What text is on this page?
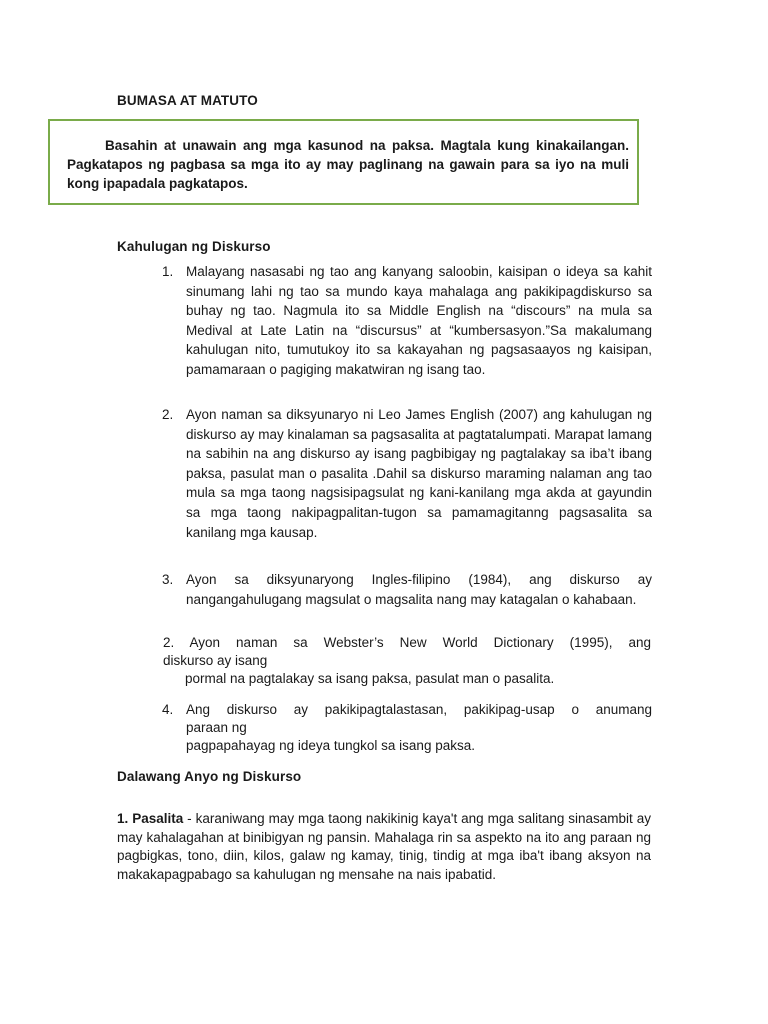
BUMASA AT MATUTO
Basahin at unawain ang mga kasunod na paksa. Magtala kung kinakailangan. Pagkatapos ng pagbasa sa mga ito ay may paglinang na gawain para sa iyo na muli kong ipapadala pagkatapos.
Kahulugan ng Diskurso
1. Malayang nasasabi ng tao ang kanyang saloobin, kaisipan o ideya sa kahit sinumang lahi ng tao sa mundo kaya mahalaga ang pakikipagdiskurso sa buhay ng tao. Nagmula ito sa Middle English na “discours” na mula sa Medival at Late Latin na “discursus” at “kumbersasyon.”Sa makalumang kahulugan nito, tumutukoy ito sa kakayahan ng pagsasaayos ng kaisipan, pamamaraan o pagiging makatwiran ng isang tao.
2. Ayon naman sa diksyunaryo ni Leo James English (2007) ang kahulugan ng diskurso ay may kinalaman sa pagsasalita at pagtatalumpati. Marapat lamang na sabihin na ang diskurso ay isang pagbibigay ng pagtalakay sa iba’t ibang paksa, pasulat man o pasalita .Dahil sa diskurso maraming nalaman ang tao mula sa mga taong nagsisipagsulat ng kani-kanilang mga akda at gayundin sa mga taong nakipagpalitan-tugon sa pamamagitanng pagsasalita sa kanilang mga kausap.
3. Ayon sa diksyunaryong Ingles-filipino (1984), ang diskurso ay nangangahulugang magsulat o magsalita nang may katagalan o kahabaan.
2. Ayon naman sa Webster’s New World Dictionary (1995), ang
diskurso ay isang
pormal na pagtalakay sa isang paksa, pasulat man o pasalita.
4. Ang diskurso ay pakikipagtalastasan, pakikipag-usap o anumang
paraan ng
pagpapahayag ng ideya tungkol sa isang paksa.
Dalawang Anyo ng Diskurso
1. Pasalita - karaniwang may mga taong nakikinig kaya't ang mga salitang sinasambit ay may kahalagahan at binibigyan ng pansin. Mahalaga rin sa aspekto na ito ang paraan ng pagbigkas, tono, diin, kilos, galaw ng kamay, tinig, tindig at mga iba't ibang aksyon na makakapagpabago sa kahulugan ng mensahe na nais ipabatid.
